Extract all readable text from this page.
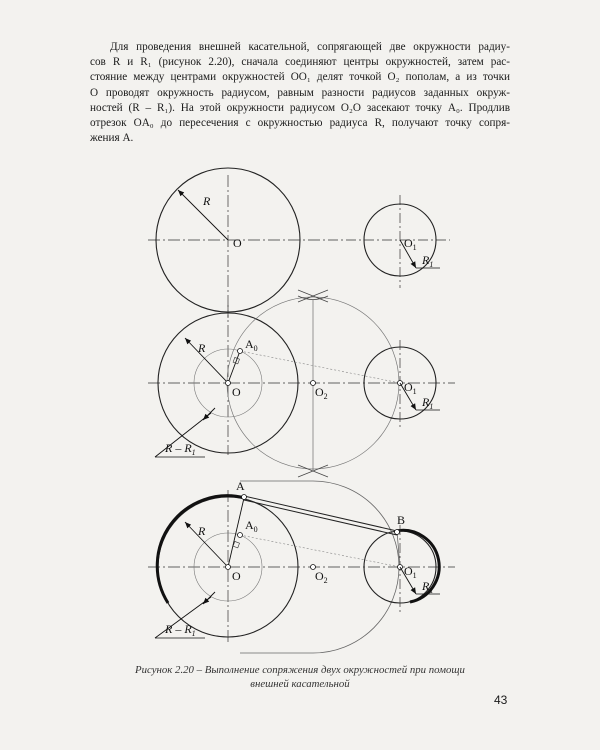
Для проведения внешней касательной, сопрягающей две окружности радиу-
сов R и R₁ (рисунок 2.20), сначала соединяют центры окружностей, затем рас-
стояние между центрами окружностей OO₁ делят точкой O₂ пополам, а из точки
O проводят окружность радиусом, равным разности радиусов заданных окруж-
ностей (R – R₁). На этой окружности радиусом O₂O засекают точку A₀. Продлив
отрезок OA₀ до пересечения с окружностью радиуса R, получают точку сопря-
жения A.
R
O	$O_1$
$R_1$
$A_0$
R
O	$O_2$
$O_1$
$R_1$
R – $R_1$
$A_0$
A
B
R
O	$O_2$
$O_1$
$R_1$
R – $R_1$
Рисунок 2.20 – Выполнение сопряжения двух окружностей при помощи
внешней касательной
43
